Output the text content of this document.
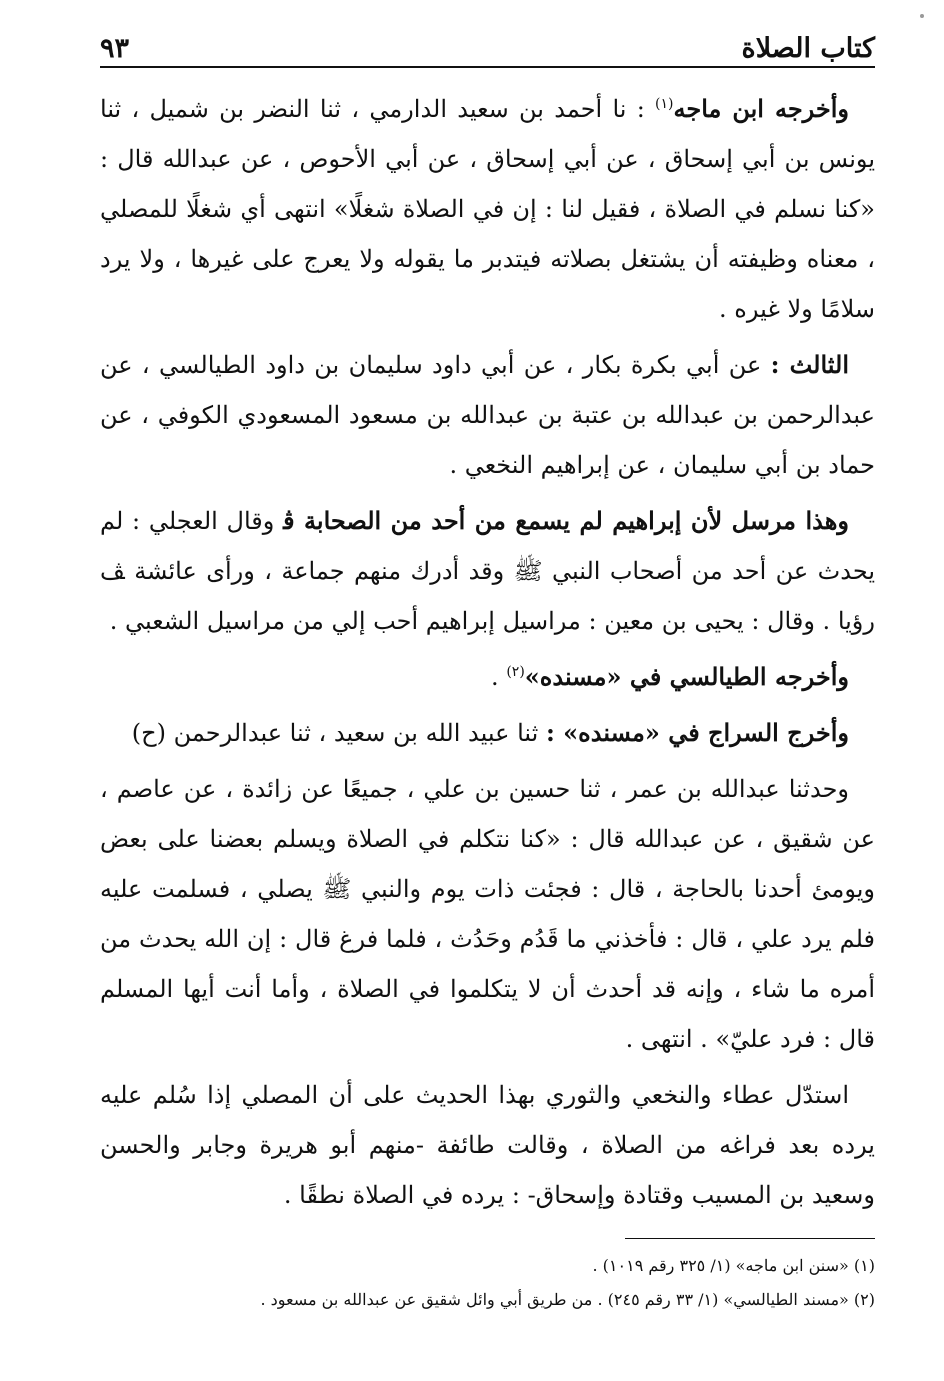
كتاب الصلاة
٩٣

وأخرجه ابن ماجه$^{(١)}$ : نا أحمد بن سعيد الدارمي ، ثنا النضر بن شميل ، ثنا يونس بن أبي إسحاق ، عن أبي إسحاق ، عن أبي الأحوص ، عن عبدالله قال : «كنا نسلم في الصلاة ، فقيل لنا : إن في الصلاة شغلًا» انتهى أي شغلًا للمصلي ، معناه وظيفته أن يشتغل بصلاته فيتدبر ما يقوله ولا يعرج على غيرها ، ولا يرد سلامًا ولا غيره .

الثالث : عن أبي بكرة بكار ، عن أبي داود سليمان بن داود الطيالسي ، عن عبدالرحمن بن عبدالله بن عتبة بن عبدالله بن مسعود المسعودي الكوفي ، عن حماد بن أبي سليمان ، عن إبراهيم النخعي .

وهذا مرسل لأن إبراهيم لم يسمع من أحد من الصحابة ﭬ وقال العجلي : لم يحدث عن أحد من أصحاب النبي ﷺ وقد أدرك منهم جماعة ، ورأى عائشة ﭫ رؤيا . وقال : يحيى بن معين : مراسيل إبراهيم أحب إلي من مراسيل الشعبي .

وأخرجه الطيالسي في «مسنده»$^{(٢)}$ .

وأخرج السراج في «مسنده» : ثنا عبيد الله بن سعيد ، ثنا عبدالرحمن (ح)

وحدثنا عبدالله بن عمر ، ثنا حسين بن علي ، جميعًا عن زائدة ، عن عاصم ، عن شقيق ، عن عبدالله قال : «كنا نتكلم في الصلاة ويسلم بعضنا على بعض ويومئ أحدنا بالحاجة ، قال : فجئت ذات يوم والنبي ﷺ يصلي ، فسلمت عليه فلم يرد علي ، قال : فأخذني ما قَدُم وحَدُث ، فلما فرغ قال : إن الله يحدث من أمره ما شاء ، وإنه قد أحدث أن لا يتكلموا في الصلاة ، وأما أنت أيها المسلم قال : فرد عليّ» . انتهى .

استدّل عطاء والنخعي والثوري بهذا الحديث على أن المصلي إذا سُلم عليه يرده بعد فراغه من الصلاة ، وقالت طائفة -منهم أبو هريرة وجابر والحسن وسعيد بن المسيب وقتادة وإسحاق- : يرده في الصلاة نطقًا .

(١) «سنن ابن ماجه» (١/ ٣٢٥ رقم ١٠١٩) .

(٢) «مسند الطيالسي» (١/ ٣٣ رقم ٢٤٥) . من طريق أبي وائل شقيق عن عبدالله بن مسعود .
